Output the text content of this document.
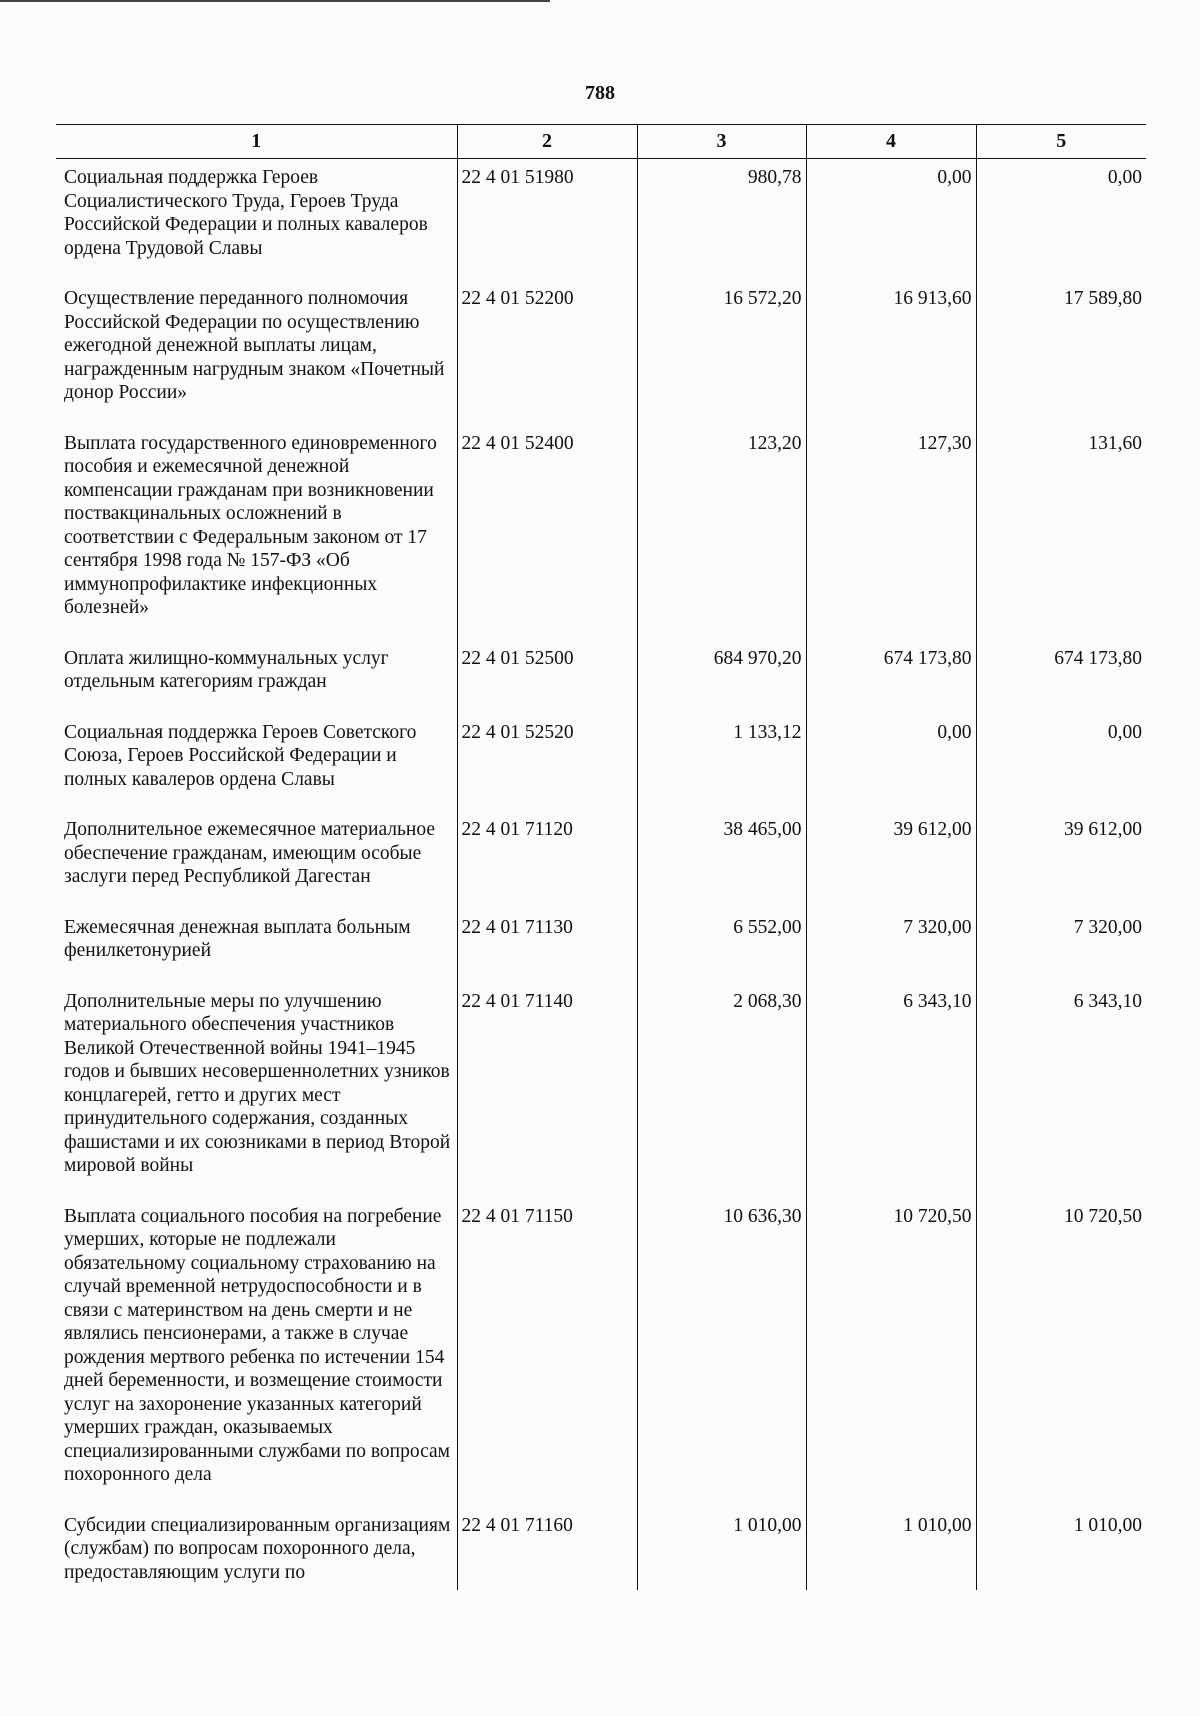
788
1	2	3	4	5
Социальная поддержка Героев Социалистического Труда, Героев Труда Российской Федерации и полных кавалеров ордена Трудовой Славы	22 4 01 51980	980,78	0,00	0,00
Осуществление переданного полномочия Российской Федерации по осуществлению ежегодной денежной выплаты лицам, награжденным нагрудным знаком «Почетный донор России»	22 4 01 52200	16 572,20	16 913,60	17 589,80
Выплата государственного единовременного пособия и ежемесячной денежной компенсации гражданам при возникновении поствакцинальных осложнений в соответствии с Федеральным законом от 17 сентября 1998 года № 157-ФЗ «Об иммунопрофилактике инфекционных болезней»	22 4 01 52400	123,20	127,30	131,60
Оплата жилищно-коммунальных услуг отдельным категориям граждан	22 4 01 52500	684 970,20	674 173,80	674 173,80
Социальная поддержка Героев Советского Союза, Героев Российской Федерации и полных кавалеров ордена Славы	22 4 01 52520	1 133,12	0,00	0,00
Дополнительное ежемесячное материальное обеспечение гражданам, имеющим особые заслуги перед Республикой Дагестан	22 4 01 71120	38 465,00	39 612,00	39 612,00
Ежемесячная денежная выплата больным фенилкетонурией	22 4 01 71130	6 552,00	7 320,00	7 320,00
Дополнительные меры по улучшению материального обеспечения участников Великой Отечественной войны 1941–1945 годов и бывших несовершеннолетних узников концлагерей, гетто и других мест принудительного содержания, созданных фашистами и их союзниками в период Второй мировой войны	22 4 01 71140	2 068,30	6 343,10	6 343,10
Выплата социального пособия на погребение умерших, которые не подлежали обязательному социальному страхованию на случай временной нетрудоспособности и в связи с материнством на день смерти и не являлись пенсионерами, а также в случае рождения мертвого ребенка по истечении 154 дней беременности, и возмещение стоимости услуг на захоронение указанных категорий умерших граждан, оказываемых специализированными службами по вопросам похоронного дела	22 4 01 71150	10 636,30	10 720,50	10 720,50
Субсидии специализированным организациям (службам) по вопросам похоронного дела, предоставляющим услуги по	22 4 01 71160	1 010,00	1 010,00	1 010,00
